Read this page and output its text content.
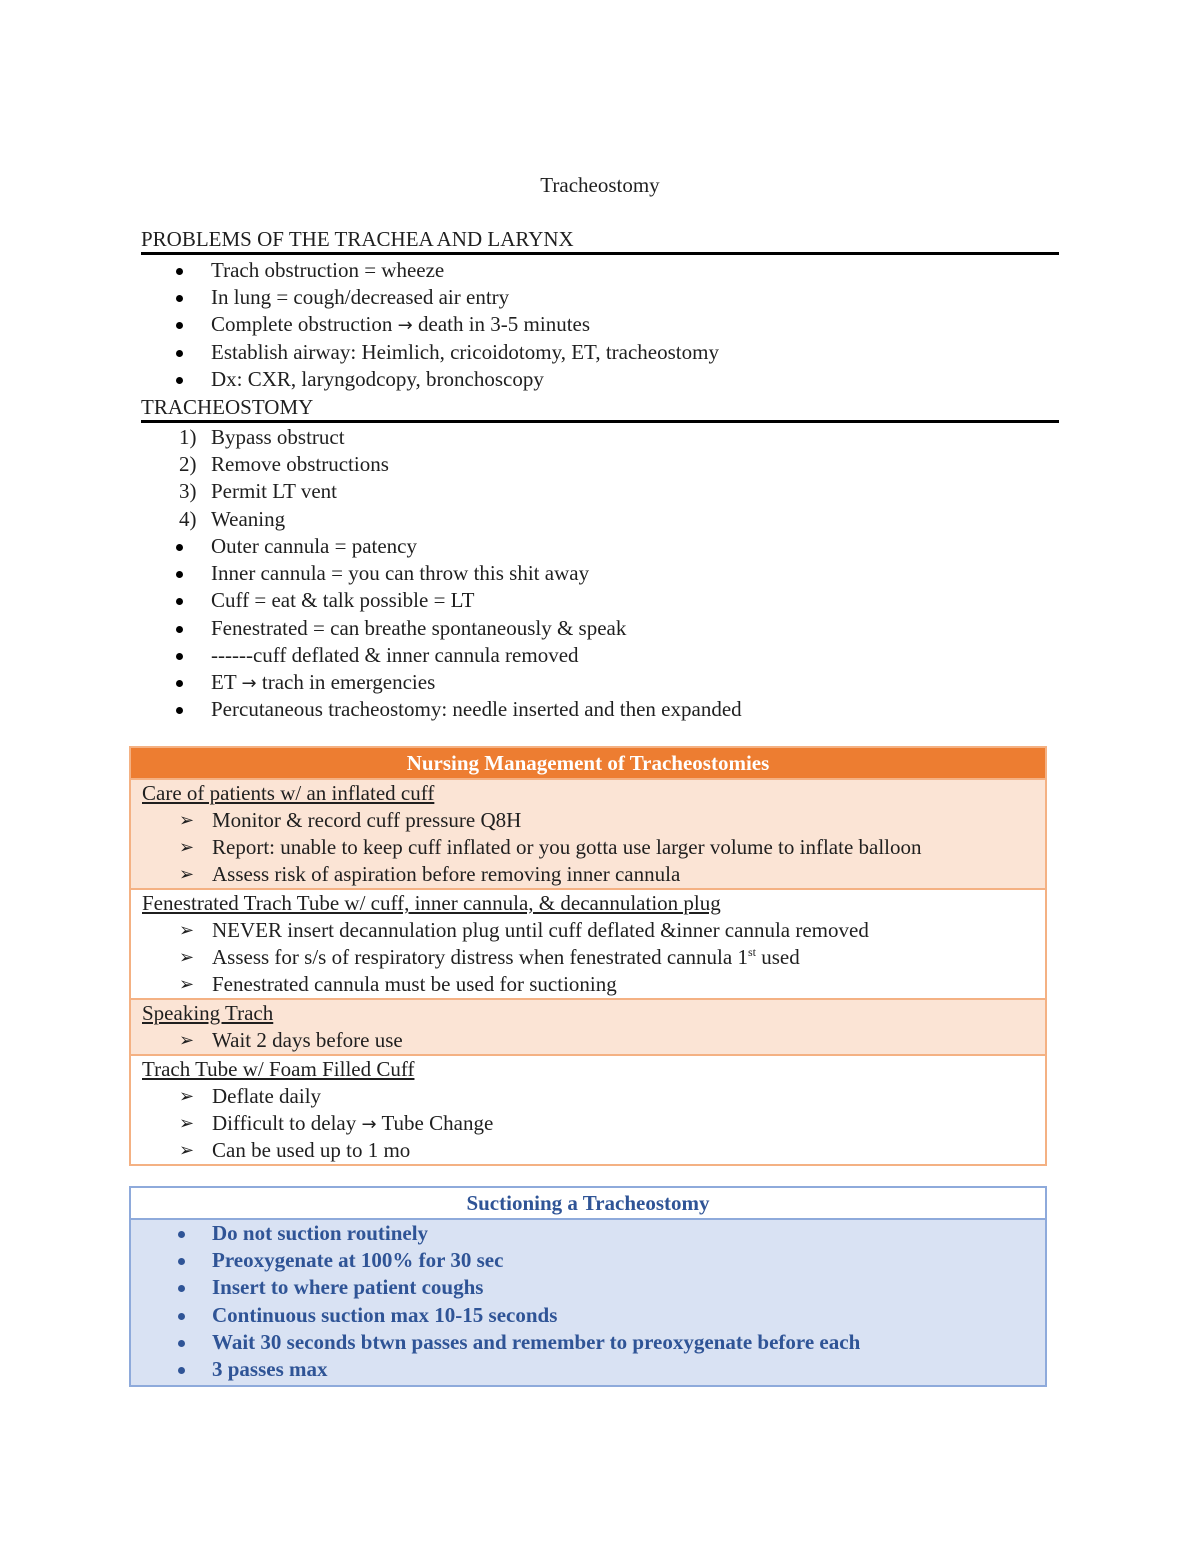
Tracheostomy
PROBLEMS OF THE TRACHEA AND LARYNX
Trach obstruction = wheeze
In lung = cough/decreased air entry
Complete obstruction → death in 3-5 minutes
Establish airway: Heimlich, cricoidotomy, ET, tracheostomy
Dx: CXR, laryngodcopy, bronchoscopy
TRACHEOSTOMY
1) Bypass obstruct
2) Remove obstructions
3) Permit LT vent
4) Weaning
Outer cannula = patency
Inner cannula = you can throw this shit away
Cuff = eat & talk possible = LT
Fenestrated = can breathe spontaneously & speak
------cuff deflated & inner cannula removed
ET → trach in emergencies
Percutaneous tracheostomy: needle inserted and then expanded
Nursing Management of Tracheostomies
Care of patients w/ an inflated cuff
➢ Monitor & record cuff pressure Q8H
➢ Report: unable to keep cuff inflated or you gotta use larger volume to inflate balloon
➢ Assess risk of aspiration before removing inner cannula
Fenestrated Trach Tube w/ cuff, inner cannula, & decannulation plug
➢ NEVER insert decannulation plug until cuff deflated &inner cannula removed
➢ Assess for s/s of respiratory distress when fenestrated cannula 1st used
➢ Fenestrated cannula must be used for suctioning
Speaking Trach
➢ Wait 2 days before use
Trach Tube w/ Foam Filled Cuff
➢ Deflate daily
➢ Difficult to delay → Tube Change
➢ Can be used up to 1 mo
Suctioning a Tracheostomy
Do not suction routinely
Preoxygenate at 100% for 30 sec
Insert to where patient coughs
Continuous suction max 10-15 seconds
Wait 30 seconds btwn passes and remember to preoxygenate before each
3 passes max
